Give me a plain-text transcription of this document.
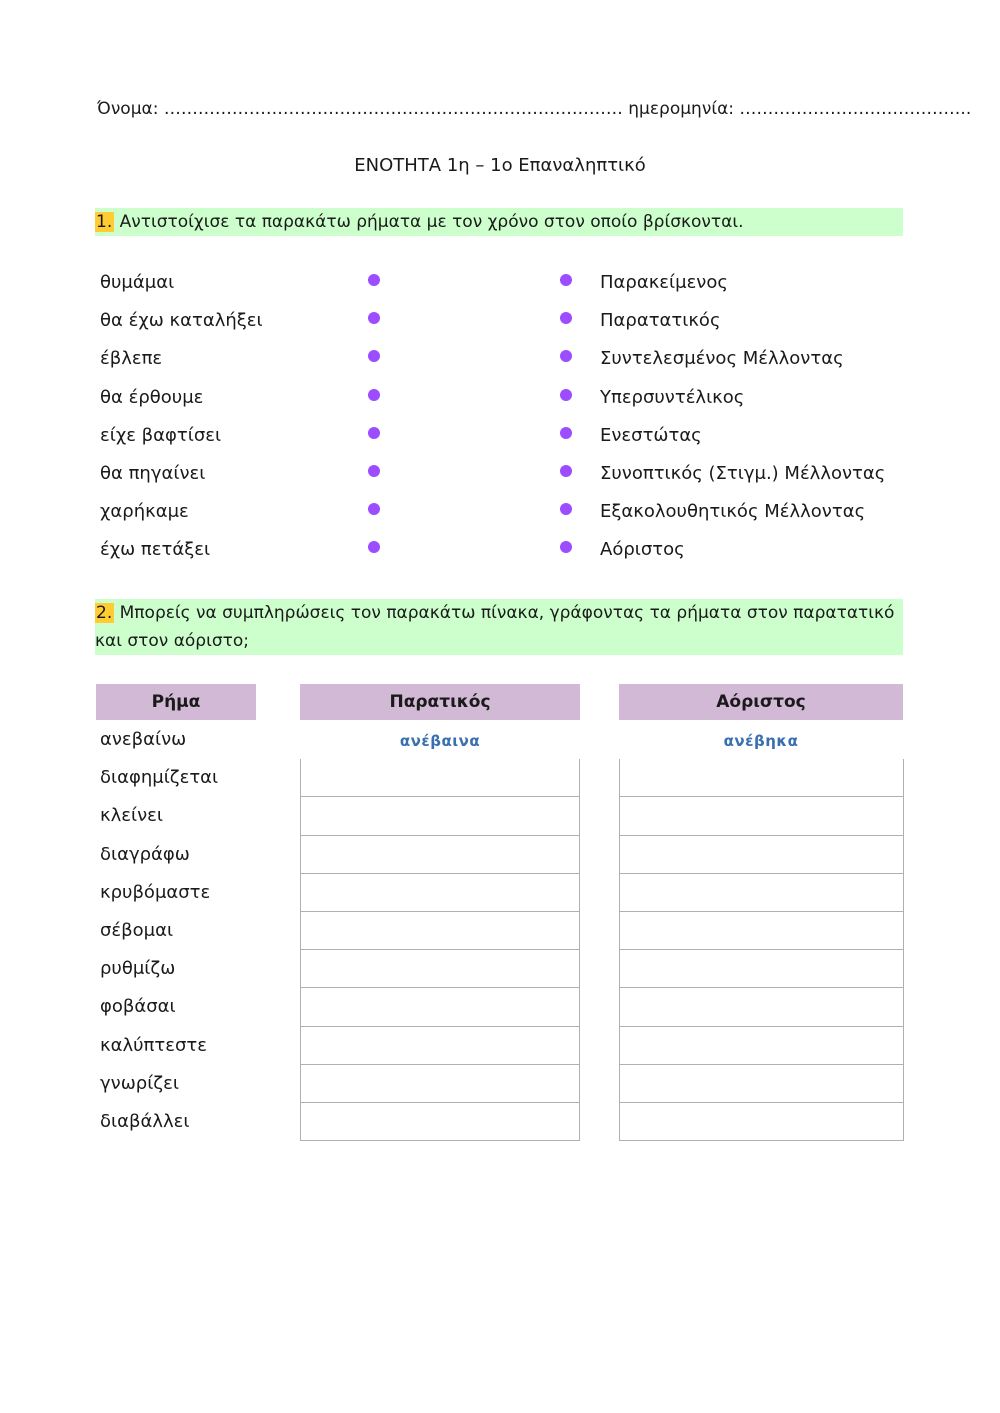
Όνομα: ……………………………………………………………………… ημερομηνία: …………………………………..
ΕΝΟΤΗΤΑ 1η – 1ο Επαναληπτικό
1. Αντιστοίχισε τα παρακάτω ρήματα με τον χρόνο στον οποίο βρίσκονται.
θυμάμαι	Παρακείμενος
θα έχω καταλήξει	Παρατατικός
έβλεπε	Συντελεσμένος Μέλλοντας
θα έρθουμε	Υπερσυντέλικος
είχε βαφτίσει	Ενεστώτας
θα πηγαίνει	Συνοπτικός (Στιγμ.) Μέλλοντας
χαρήκαμε	Εξακολουθητικός Μέλλοντας
έχω πετάξει	Αόριστος
2. Μπορείς να συμπληρώσεις τον παρακάτω πίνακα, γράφοντας τα ρήματα στον παρατατικό και στον αόριστο;
Ρήμα	Παρατικός	Αόριστος
ανεβαίνω	ανέβαινα	ανέβηκα
διαφημίζεται
κλείνει
διαγράφω
κρυβόμαστε
σέβομαι
ρυθμίζω
φοβάσαι
καλύπτεστε
γνωρίζει
διαβάλλει
